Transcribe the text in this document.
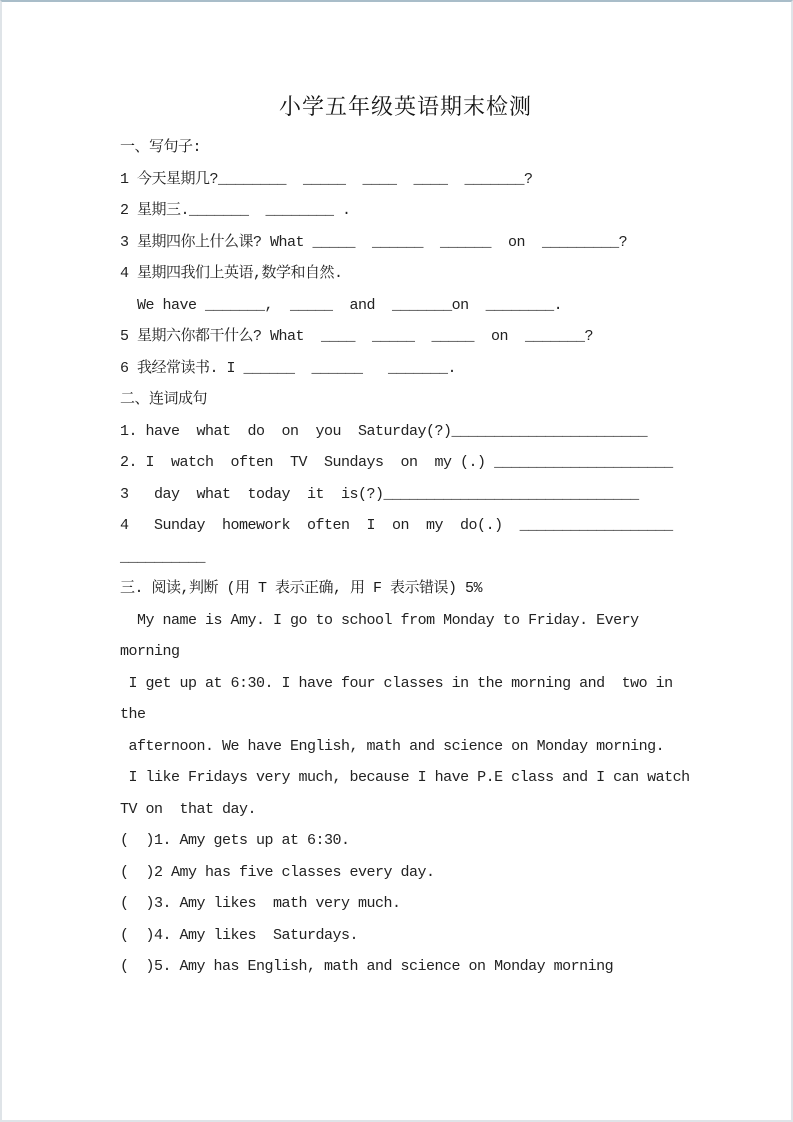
小学五年级英语期末检测
一、写句子:
1 今天星期几?________  _____  ____  ____  _______?
2 星期三._______  ________ .
3 星期四你上什么课? What _____  ______  ______  on  _________?
4 星期四我们上英语,数学和自然.
We have _______,  _____  and  _______on  ________.
5 星期六你都干什么? What  ____  _____  _____  on  _______?
6 我经常读书. I ______  ______   _______.
二、连词成句
1. have  what  do  on  you  Saturday(?)_______________________
2. I  watch  often  TV  Sundays  on  my (.) _____________________
3   day  what  today  it  is(?)______________________________
4   Sunday  homework  often  I  on  my  do(.)  __________________
__________
三. 阅读,判断 (用 T 表示正确, 用 F 表示错误) 5%
My name is Amy. I go to school from Monday to Friday. Every morning
I get up at 6:30. I have four classes in the morning and  two in the
afternoon. We have English, math and science on Monday morning.
I like Fridays very much, because I have P.E class and I can watch
TV on  that day.
(  )1. Amy gets up at 6:30.
(  )2 Amy has five classes every day.
(  )3. Amy likes  math very much.
(  )4. Amy likes  Saturdays.
(  )5. Amy has English, math and science on Monday morning
